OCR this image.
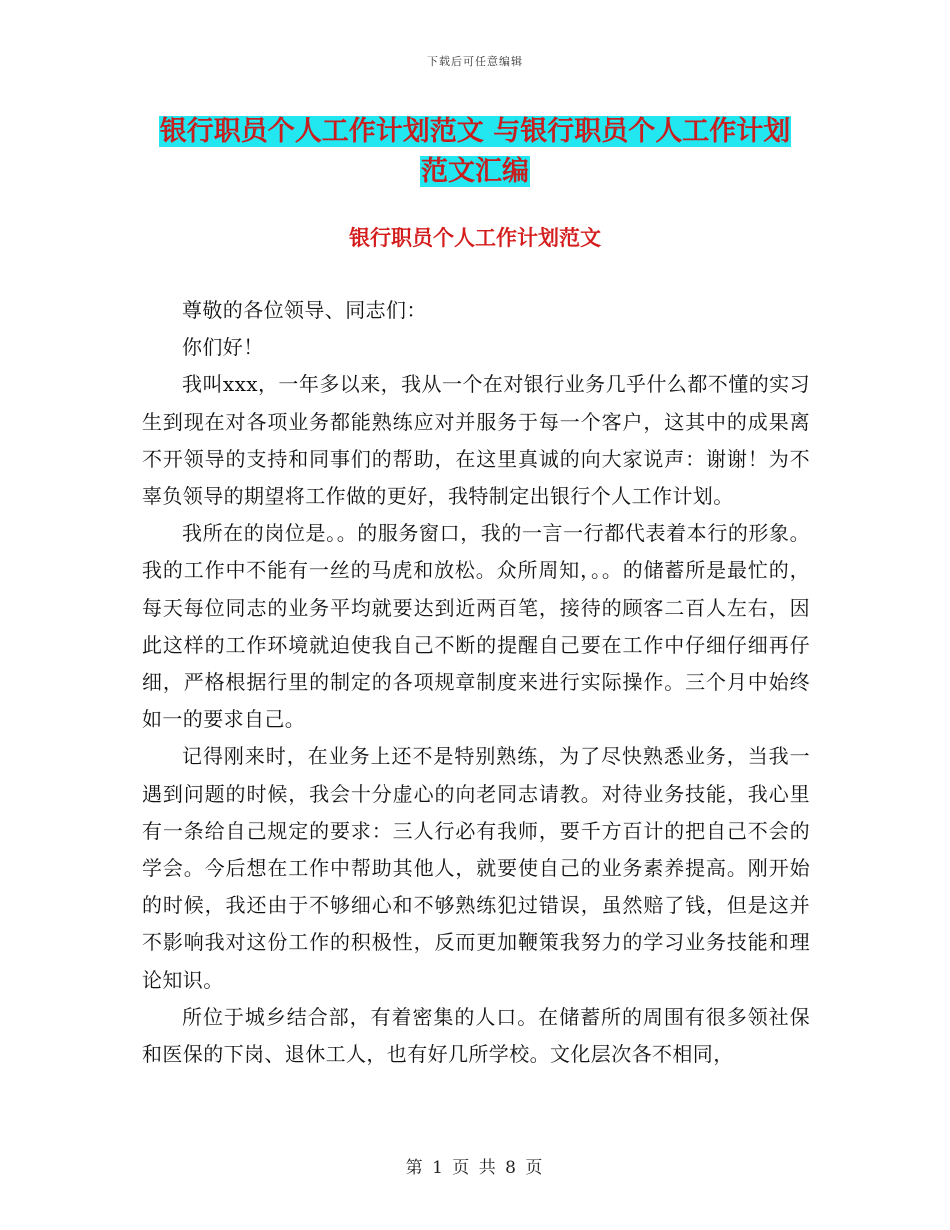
下载后可任意编辑
银行职员个人工作计划范文 与银行职员个人工作计划
范文汇编
银行职员个人工作计划范文

尊敬的各位领导、同志们：

你们好！

我叫xxx，一年多以来，我从一个在对银行业务几乎什么都不懂的实习生到现在对各项业务都能熟练应对并服务于每一个客户，这其中的成果离不开领导的支持和同事们的帮助，在这里真诚的向大家说声：谢谢！为不辜负领导的期望将工作做的更好，我特制定出银行个人工作计划。

我所在的岗位是。。的服务窗口，我的一言一行都代表着本行的形象。我的工作中不能有一丝的马虎和放松。众所周知，。。的储蓄所是最忙的，每天每位同志的业务平均就要达到近两百笔，接待的顾客二百人左右，因此这样的工作环境就迫使我自己不断的提醒自己要在工作中仔细仔细再仔细，严格根据行里的制定的各项规章制度来进行实际操作。三个月中始终如一的要求自己。

记得刚来时，在业务上还不是特别熟练，为了尽快熟悉业务，当我一遇到问题的时候，我会十分虚心的向老同志请教。对待业务技能，我心里有一条给自己规定的要求：三人行必有我师，要千方百计的把自己不会的学会。今后想在工作中帮助其他人，就要使自己的业务素养提高。刚开始的时候，我还由于不够细心和不够熟练犯过错误，虽然赔了钱，但是这并不影响我对这份工作的积极性，反而更加鞭策我努力的学习业务技能和理论知识。

所位于城乡结合部，有着密集的人口。在储蓄所的周围有很多领社保和医保的下岗、退休工人，也有好几所学校。文化层次各不相同，

第 1 页 共 8 页
